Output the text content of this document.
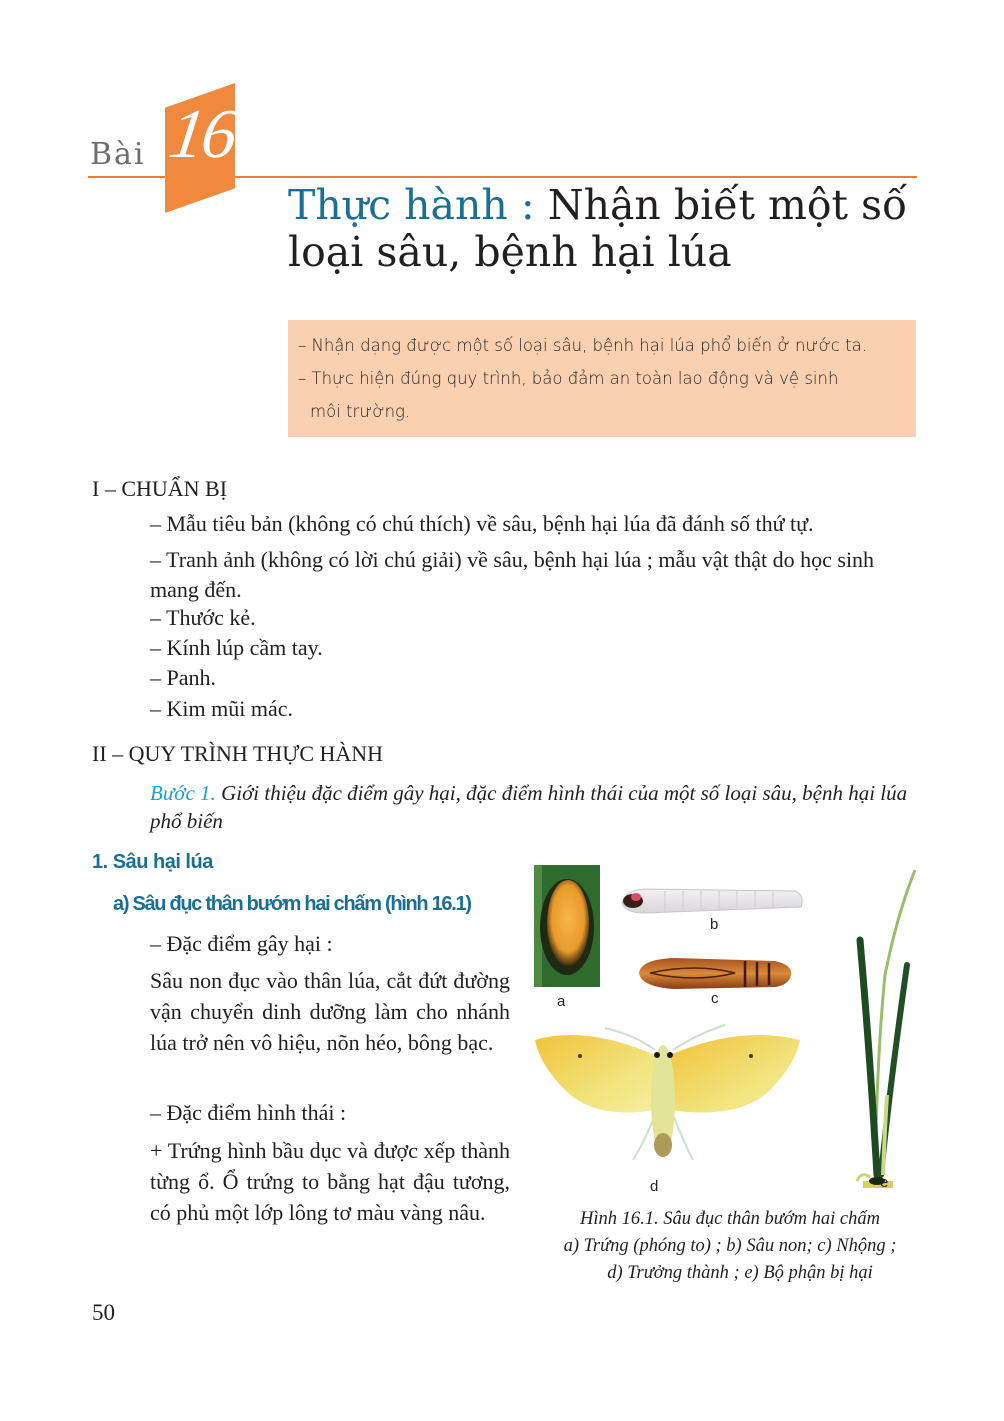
Bài 16
Thực hành : Nhận biết một số loại sâu, bệnh hại lúa

– Nhận dạng được một số loại sâu, bệnh hại lúa phổ biến ở nước ta.

– Thực hiện đúng quy trình, bảo đảm an toàn lao động và vệ sinh

môi trường.

I – CHUẨN BỊ
– Mẫu tiêu bản (không có chú thích) về sâu, bệnh hại lúa đã đánh số thứ tự.
– Tranh ảnh (không có lời chú giải) về sâu, bệnh hại lúa ; mẫu vật thật do học sinh mang đến.
– Thước kẻ.
– Kính lúp cầm tay.
– Panh.
– Kim mũi mác.
II – QUY TRÌNH THỰC HÀNH
Bước 1. Giới thiệu đặc điểm gây hại, đặc điểm hình thái của một số loại sâu, bệnh hại lúa phổ biến
1. Sâu hại lúa
a) Sâu đục thân bướm hai chấm (hình 16.1)
– Đặc điểm gây hại :
Sâu non đục vào thân lúa, cắt đứt đường vận chuyển dinh dưỡng làm cho nhánh lúa trở nên vô hiệu, nõn héo, bông bạc.
– Đặc điểm hình thái :
+ Trứng hình bầu dục và được xếp thành từng ổ. Ổ trứng to bằng hạt đậu tương, có phủ một lớp lông tơ màu vàng nâu.
50
b
a	c
d	e
Hình 16.1. Sâu đục thân bướm hai chấm
a) Trứng (phóng to) ; b) Sâu non; c) Nhộng ;
d) Trưởng thành ; e) Bộ phận bị hại
